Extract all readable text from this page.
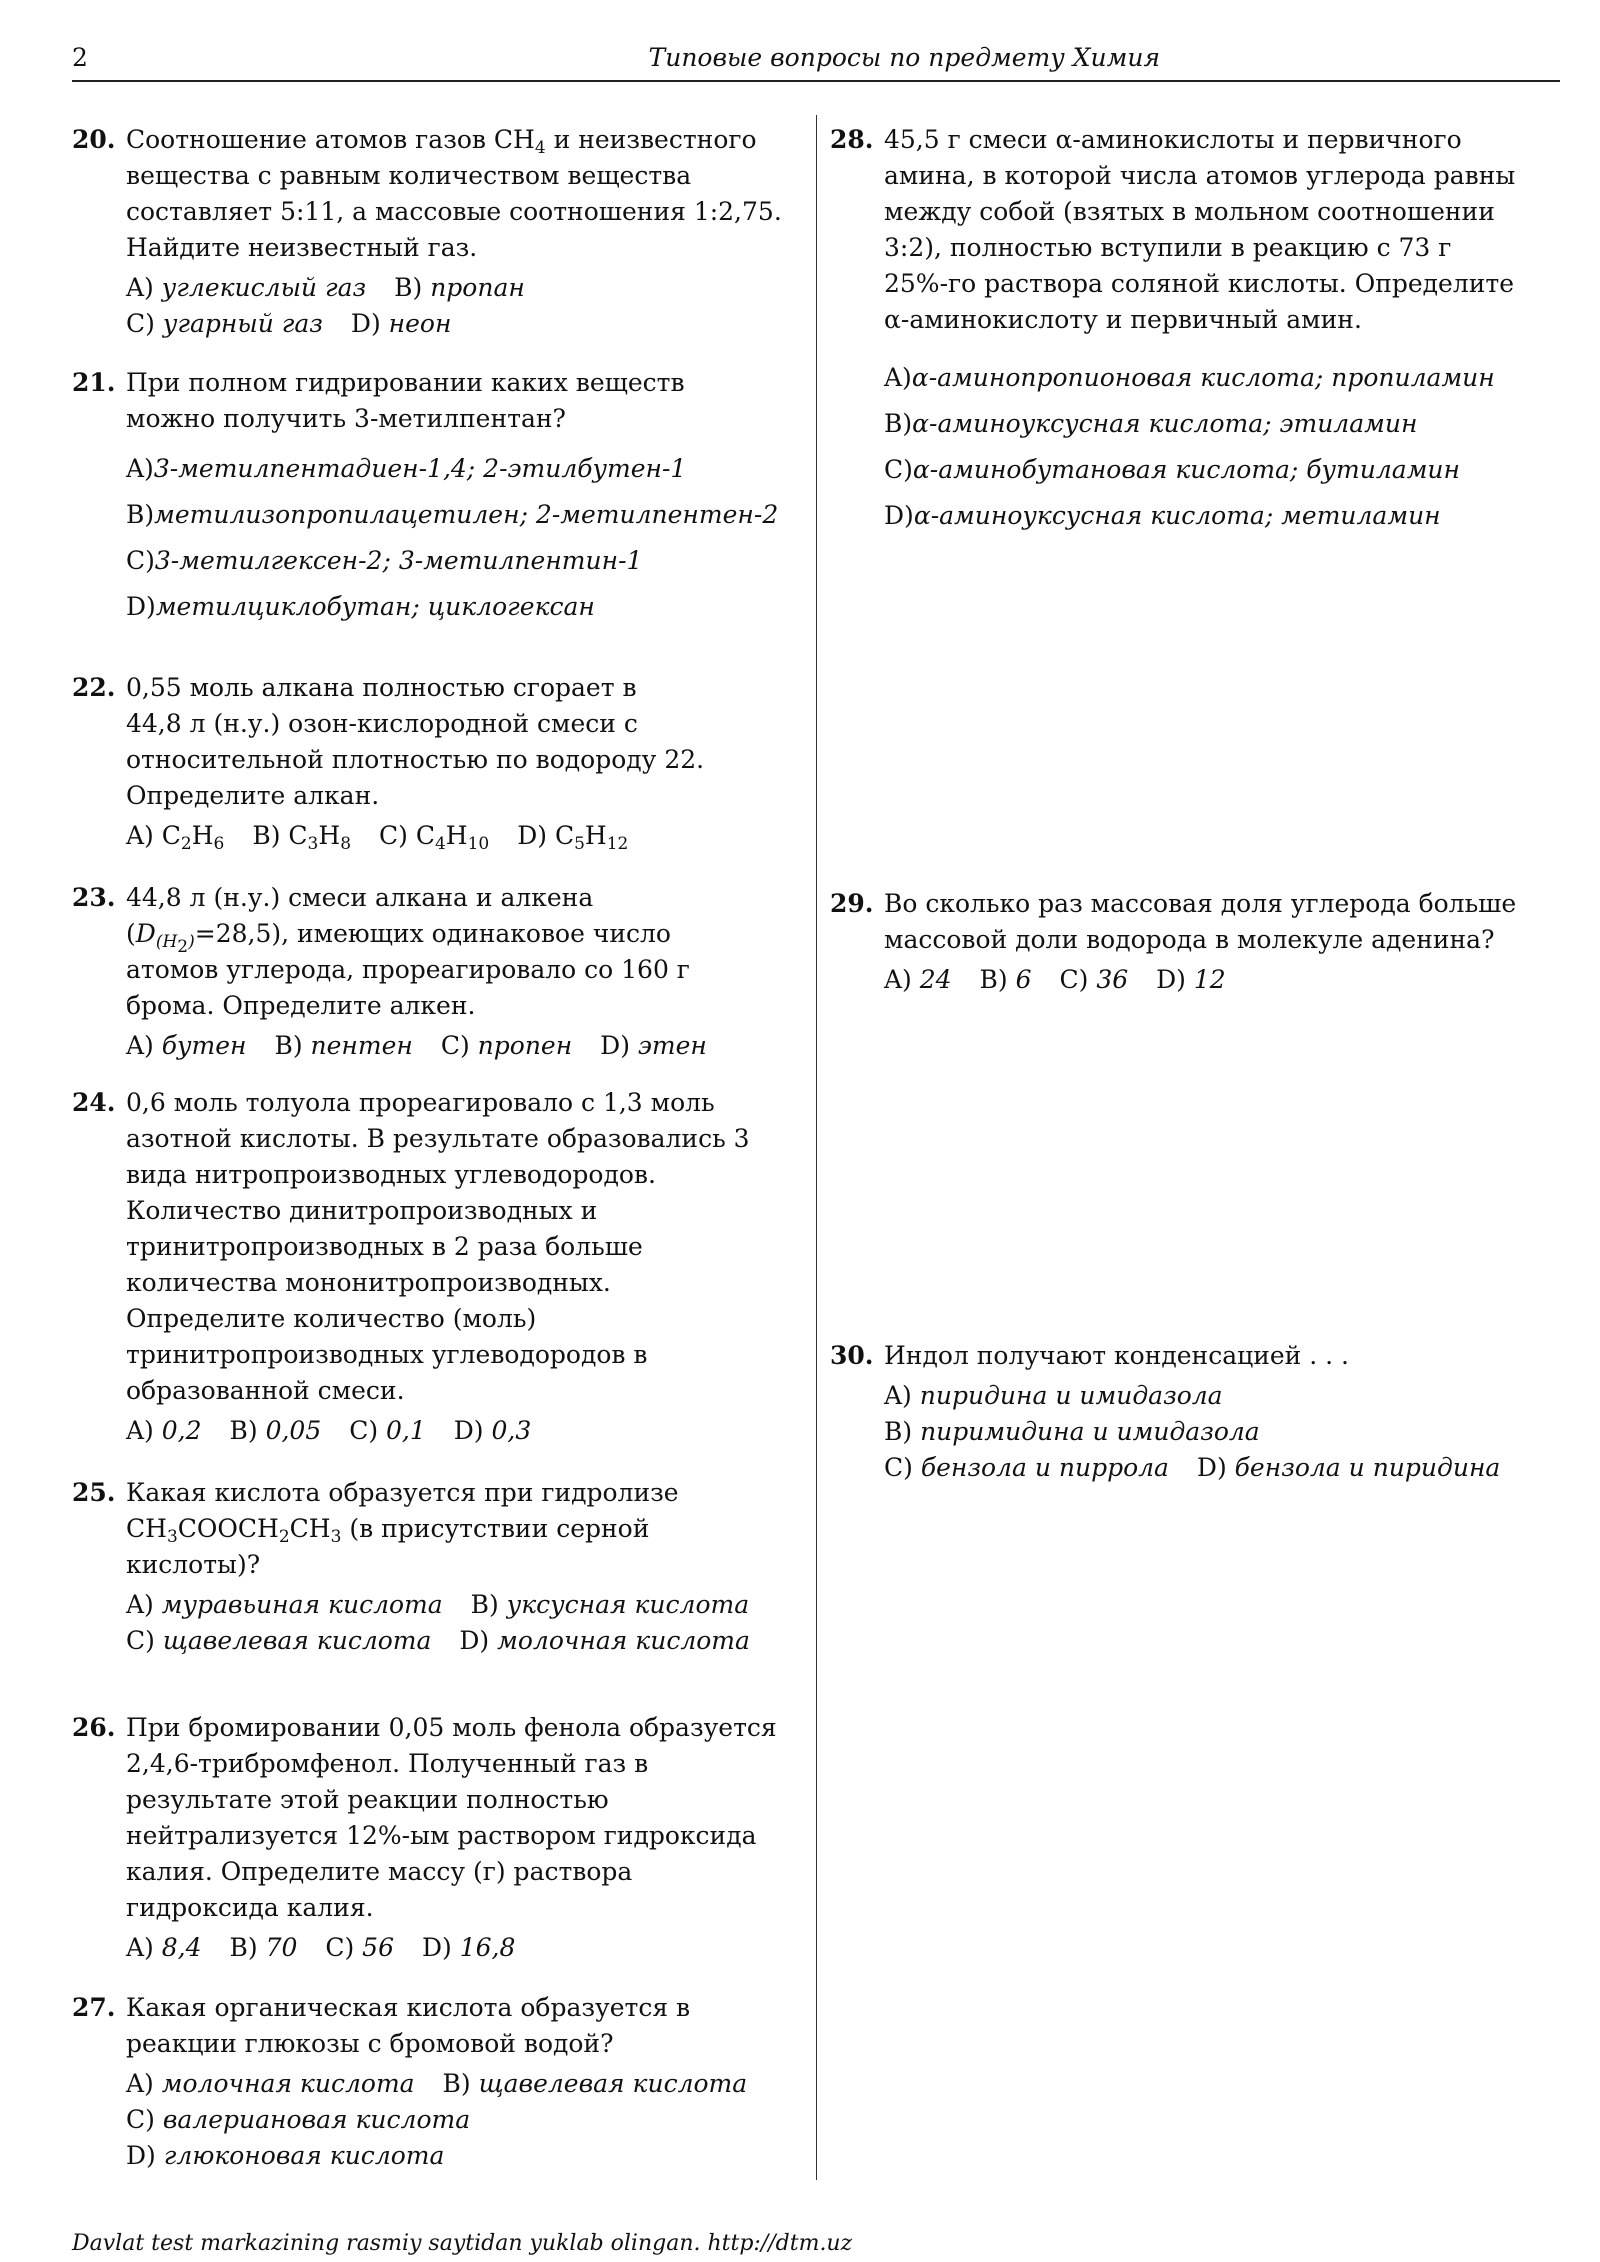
2	Типовые вопросы по предмету Химия
20. Соотношение атомов газов $CH_4$ и неизвестного
вещества с равным количеством вещества
составляет 5:11, а массовые соотношения 1:2,75.
Найдите неизвестный газ.
A) углекислый газ B) пропан
C) угарный газ D) неон
21. При полном гидрировании каких веществ
можно получить 3-метилпентан?
A)3-метилпентадиен-1,4; 2-этилбутен-1
B)метилизопропилацетилен; 2-метилпентен-2
C)3-метилгексен-2; 3-метилпентин-1
D)метилциклобутан; циклогексан
22. 0,55 моль алкана полностью сгорает в
44,8 л (н.у.) озон-кислородной смеси с
относительной плотностью по водороду 22.
Определите алкан.
A) $C_2H_6$ B) $C_3H_8$ C) $C_4H_{10}$ D) $C_5H_{12}$
23. 44,8 л (н.у.) смеси алкана и алкена
$(D_{(H_2)}=28,5)$, имеющих одинаковое число
атомов углерода, прореагировало со 160 г
брома. Определите алкен.
A) бутен B) пентен C) пропен D) этен
24. 0,6 моль толуола прореагировало с 1,3 моль
азотной кислоты. В результате образовались 3
вида нитропроизводных углеводородов.
Количество динитропроизводных и
тринитропроизводных в 2 раза больше
количества мононитропроизводных.
Определите количество (моль)
тринитропроизводных углеводородов в
образованной смеси.
A) 0,2 B) 0,05 C) 0,1 D) 0,3
25. Какая кислота образуется при гидролизе
$CH_3COOCH_2CH_3$ (в присутствии серной
кислоты)?
A) муравьиная кислота B) уксусная кислота
C) щавелевая кислота D) молочная кислота
26. При бромировании 0,05 моль фенола образуется
2,4,6-трибромфенол. Полученный газ в
результате этой реакции полностью
нейтрализуется 12%-ым раствором гидроксида
калия. Определите массу (г) раствора
гидроксида калия.
A) 8,4 B) 70 C) 56 D) 16,8
27. Какая органическая кислота образуется в
реакции глюкозы с бромовой водой?
A) молочная кислота B) щавелевая кислота
C) валериановая кислота
D) глюконовая кислота
28. 45,5 г смеси α-аминокислоты и первичного
амина, в которой числа атомов углерода равны
между собой (взятых в мольном соотношении
3:2), полностью вступили в реакцию с 73 г
25%-го раствора соляной кислоты. Определите
α-аминокислоту и первичный амин.
A)α-аминопропионовая кислота; пропиламин
B)α-аминоуксусная кислота; этиламин
C)α-аминобутановая кислота; бутиламин
D)α-аминоуксусная кислота; метиламин
29. Во сколько раз массовая доля углерода больше
массовой доли водорода в молекуле аденина?
A) 24 B) 6 C) 36 D) 12
30. Индол получают конденсацией . . .
A) пиридина и имидазола
B) пиримидина и имидазола
C) бензола и пиррола D) бензола и пиридина
Davlat test markazining rasmiy saytidan yuklab olingan. http://dtm.uz
